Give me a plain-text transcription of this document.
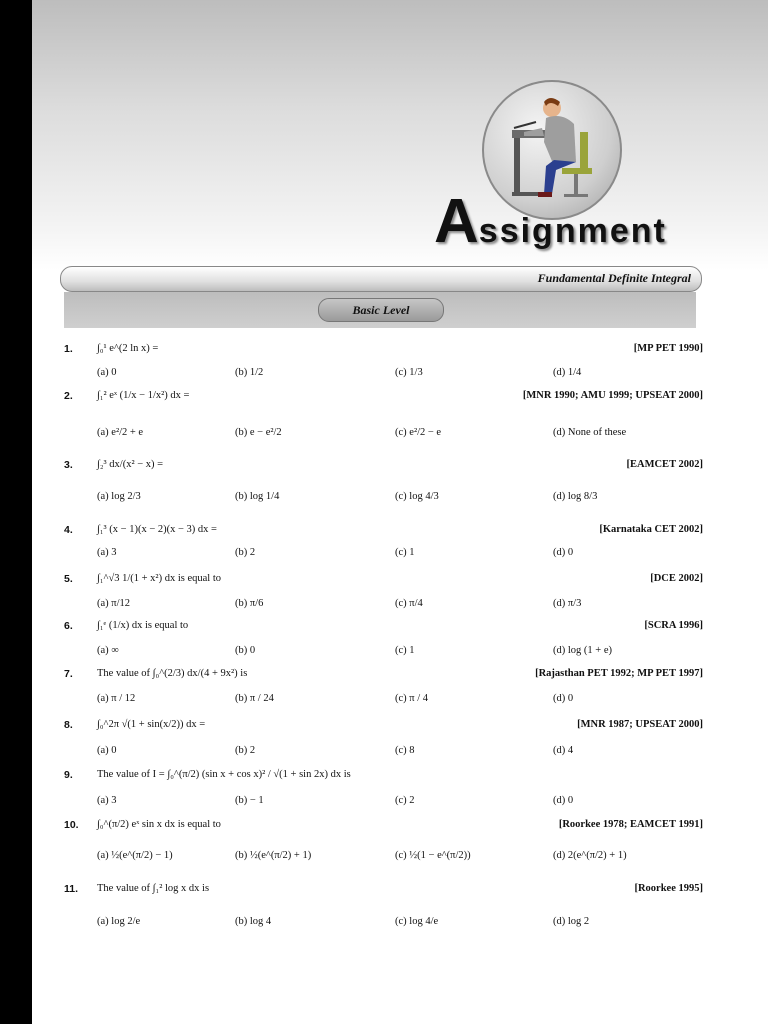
Assignment
Fundamental Definite Integral
Basic Level
1. ∫₀¹ e^(2 ln x) =	[MP PET 1990]
(a) 0	(b) 1/2	(c) 1/3	(d) 1/4
2. ∫₁² eˣ (1/x − 1/x²) dx =	[MNR 1990; AMU 1999; UPSEAT 2000]
(a) e²/2 + e	(b) e − e²/2	(c) e²/2 − e	(d) None of these
3. ∫₂³ dx/(x² − x) =	[EAMCET 2002]
(a) log 2/3	(b) log 1/4	(c) log 4/3	(d) log 8/3
4. ∫₁³ (x − 1)(x − 2)(x − 3) dx =	[Karnataka CET 2002]
(a) 3	(b) 2	(c) 1	(d) 0
5. ∫₁^√3 1/(1 + x²) dx is equal to	[DCE 2002]
(a) π/12	(b) π/6	(c) π/4	(d) π/3
6. ∫₁ᵉ (1/x) dx is equal to	[SCRA 1996]
(a) ∞	(b) 0	(c) 1	(d) log (1 + e)
7. The value of ∫₀^(2/3) dx/(4 + 9x²) is	[Rajasthan PET 1992; MP PET 1997]
(a) π / 12	(b) π / 24	(c) π / 4	(d) 0
8. ∫₀^2π √(1 + sin(x/2)) dx =	[MNR 1987; UPSEAT 2000]
(a) 0	(b) 2	(c) 8	(d) 4
9. The value of I = ∫₀^(π/2) (sin x + cos x)² / √(1 + sin 2x) dx is
(a) 3	(b) − 1	(c) 2	(d) 0
10. ∫₀^(π/2) eˣ sin x dx is equal to	[Roorkee 1978; EAMCET 1991]
(a) ½(e^(π/2) − 1)	(b) ½(e^(π/2) + 1)	(c) ½(1 − e^(π/2))	(d) 2(e^(π/2) + 1)
11. The value of ∫₁² log x dx is	[Roorkee 1995]
(a) log 2/e	(b) log 4	(c) log 4/e	(d) log 2
